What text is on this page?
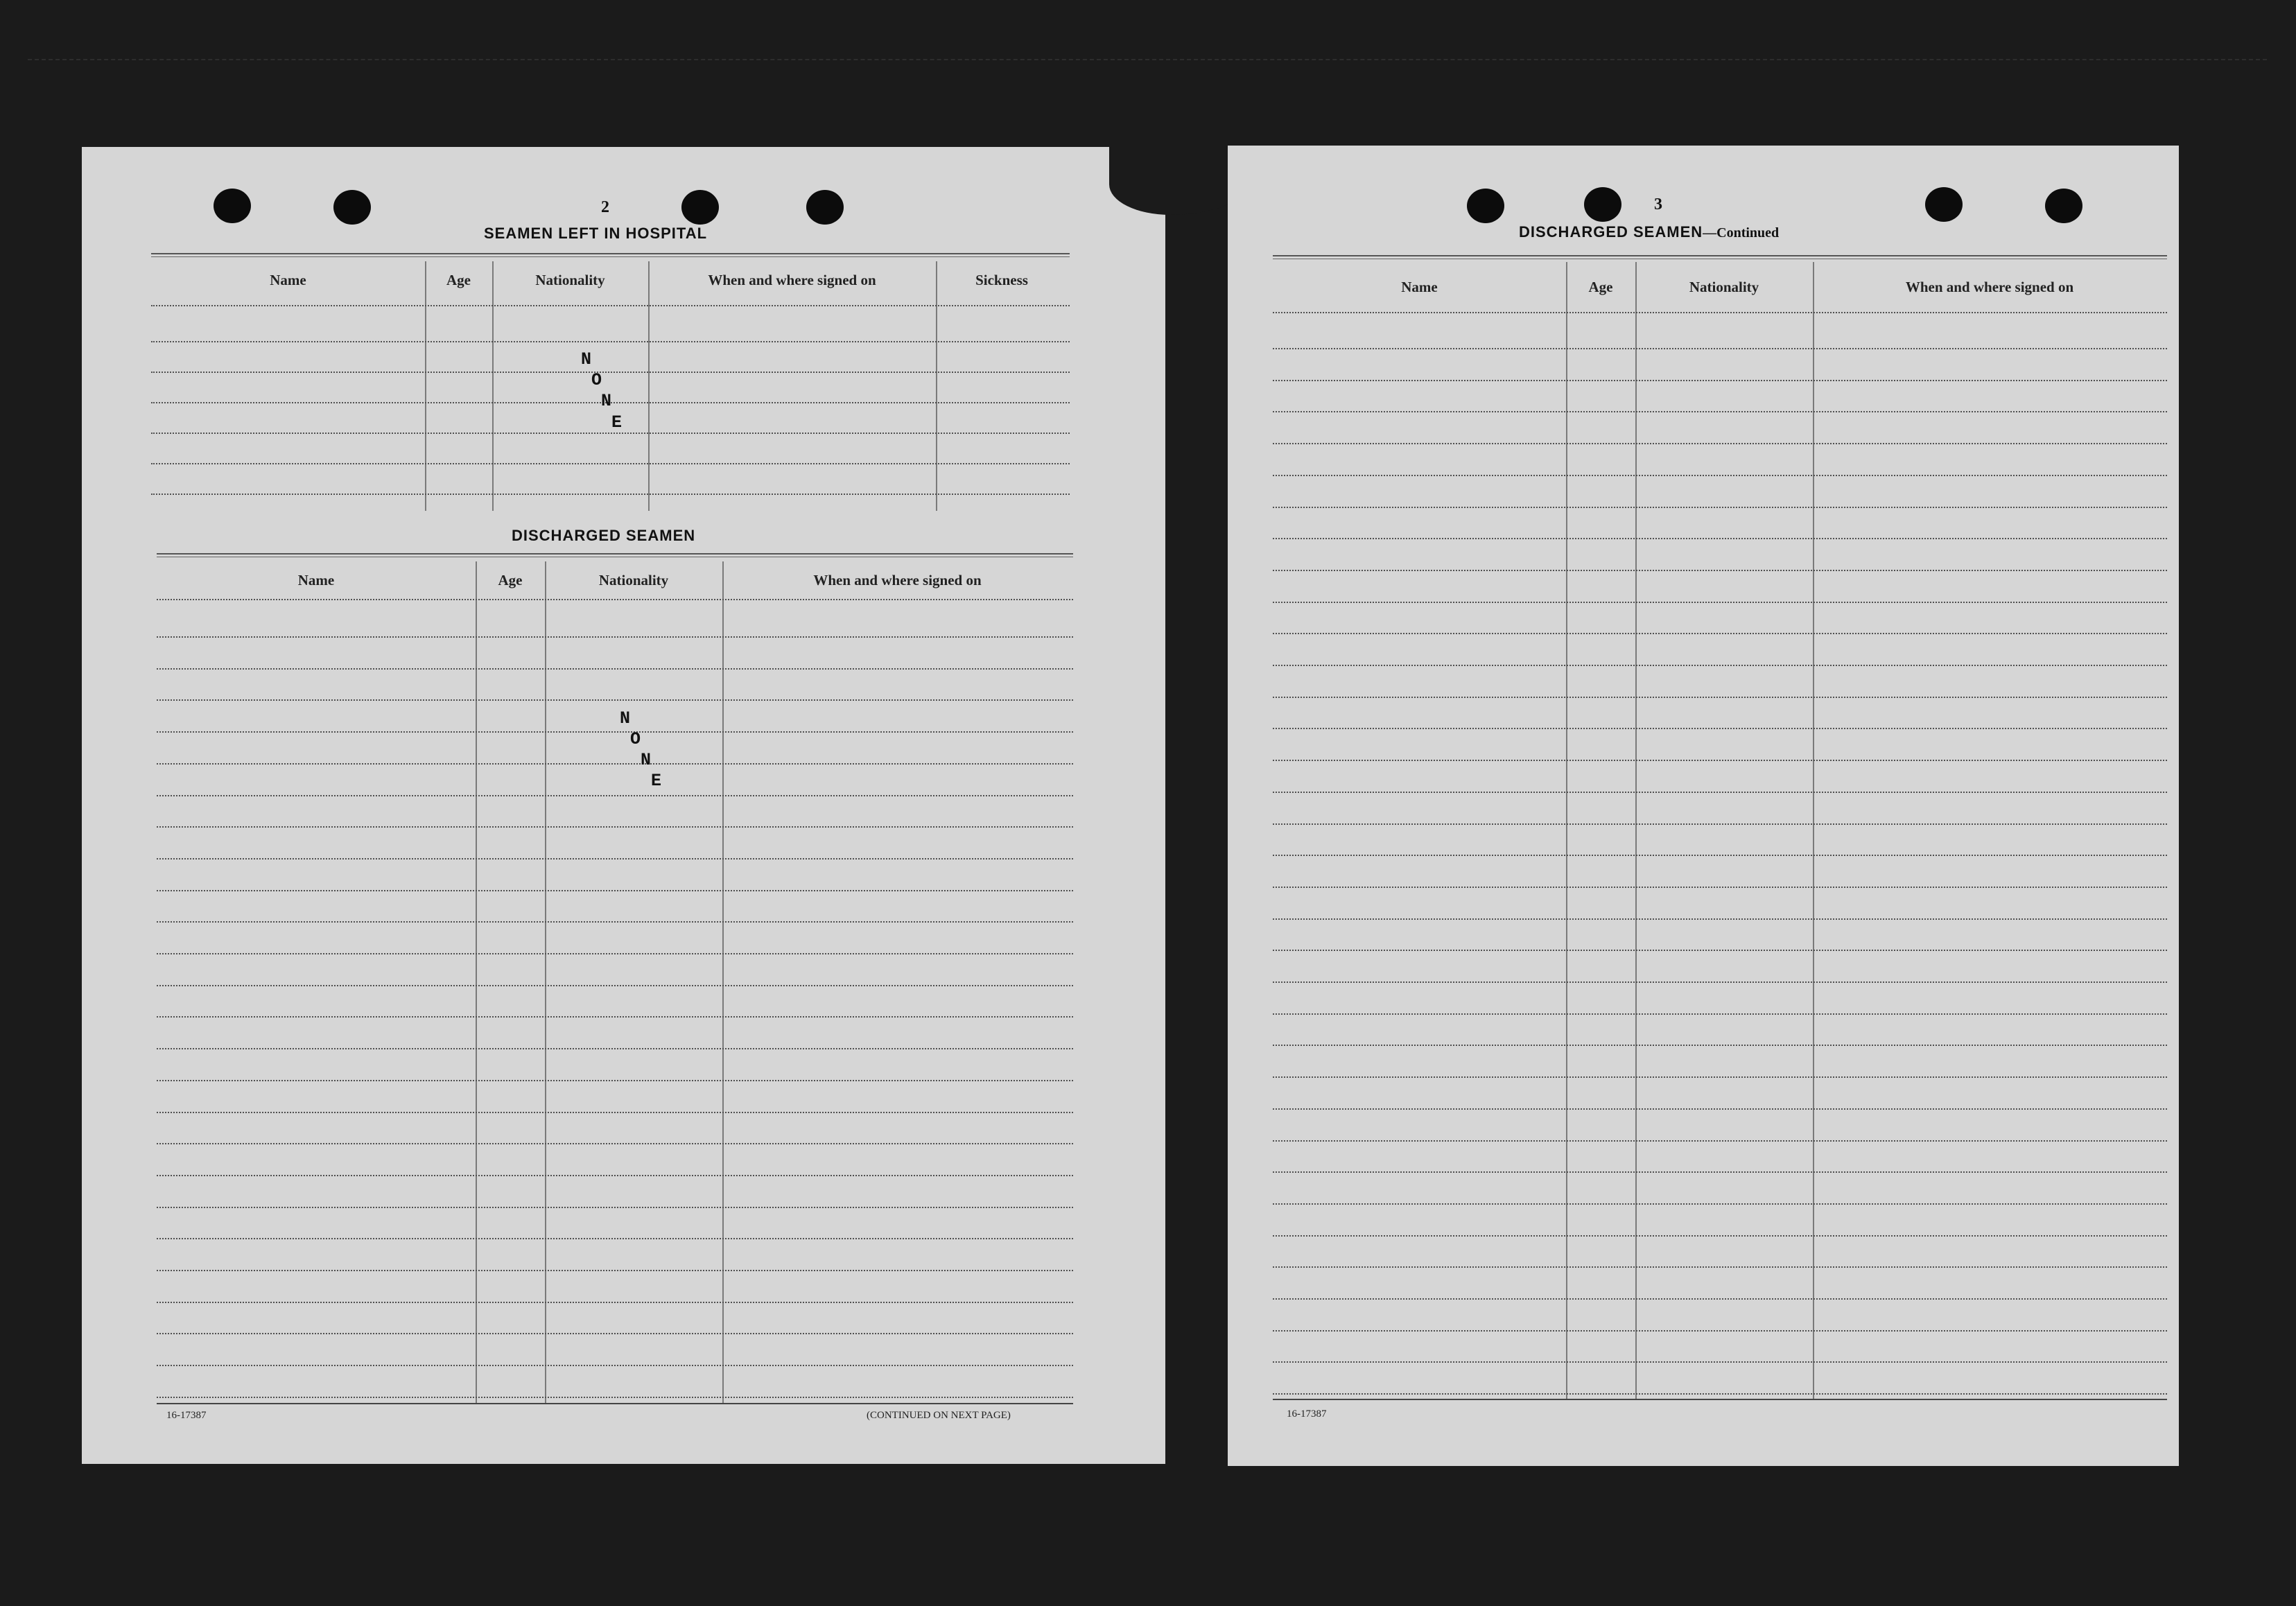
2
SEAMEN LEFT IN HOSPITAL
Name	Age	Nationality	When and where signed on	Sickness
N
O
N
E
DISCHARGED SEAMEN
Name	Age	Nationality	When and where signed on
N
O
N
E
16-17387	(CONTINUED ON NEXT PAGE)
3
DISCHARGED SEAMEN—Continued
Name	Age	Nationality	When and where signed on
16-17387
